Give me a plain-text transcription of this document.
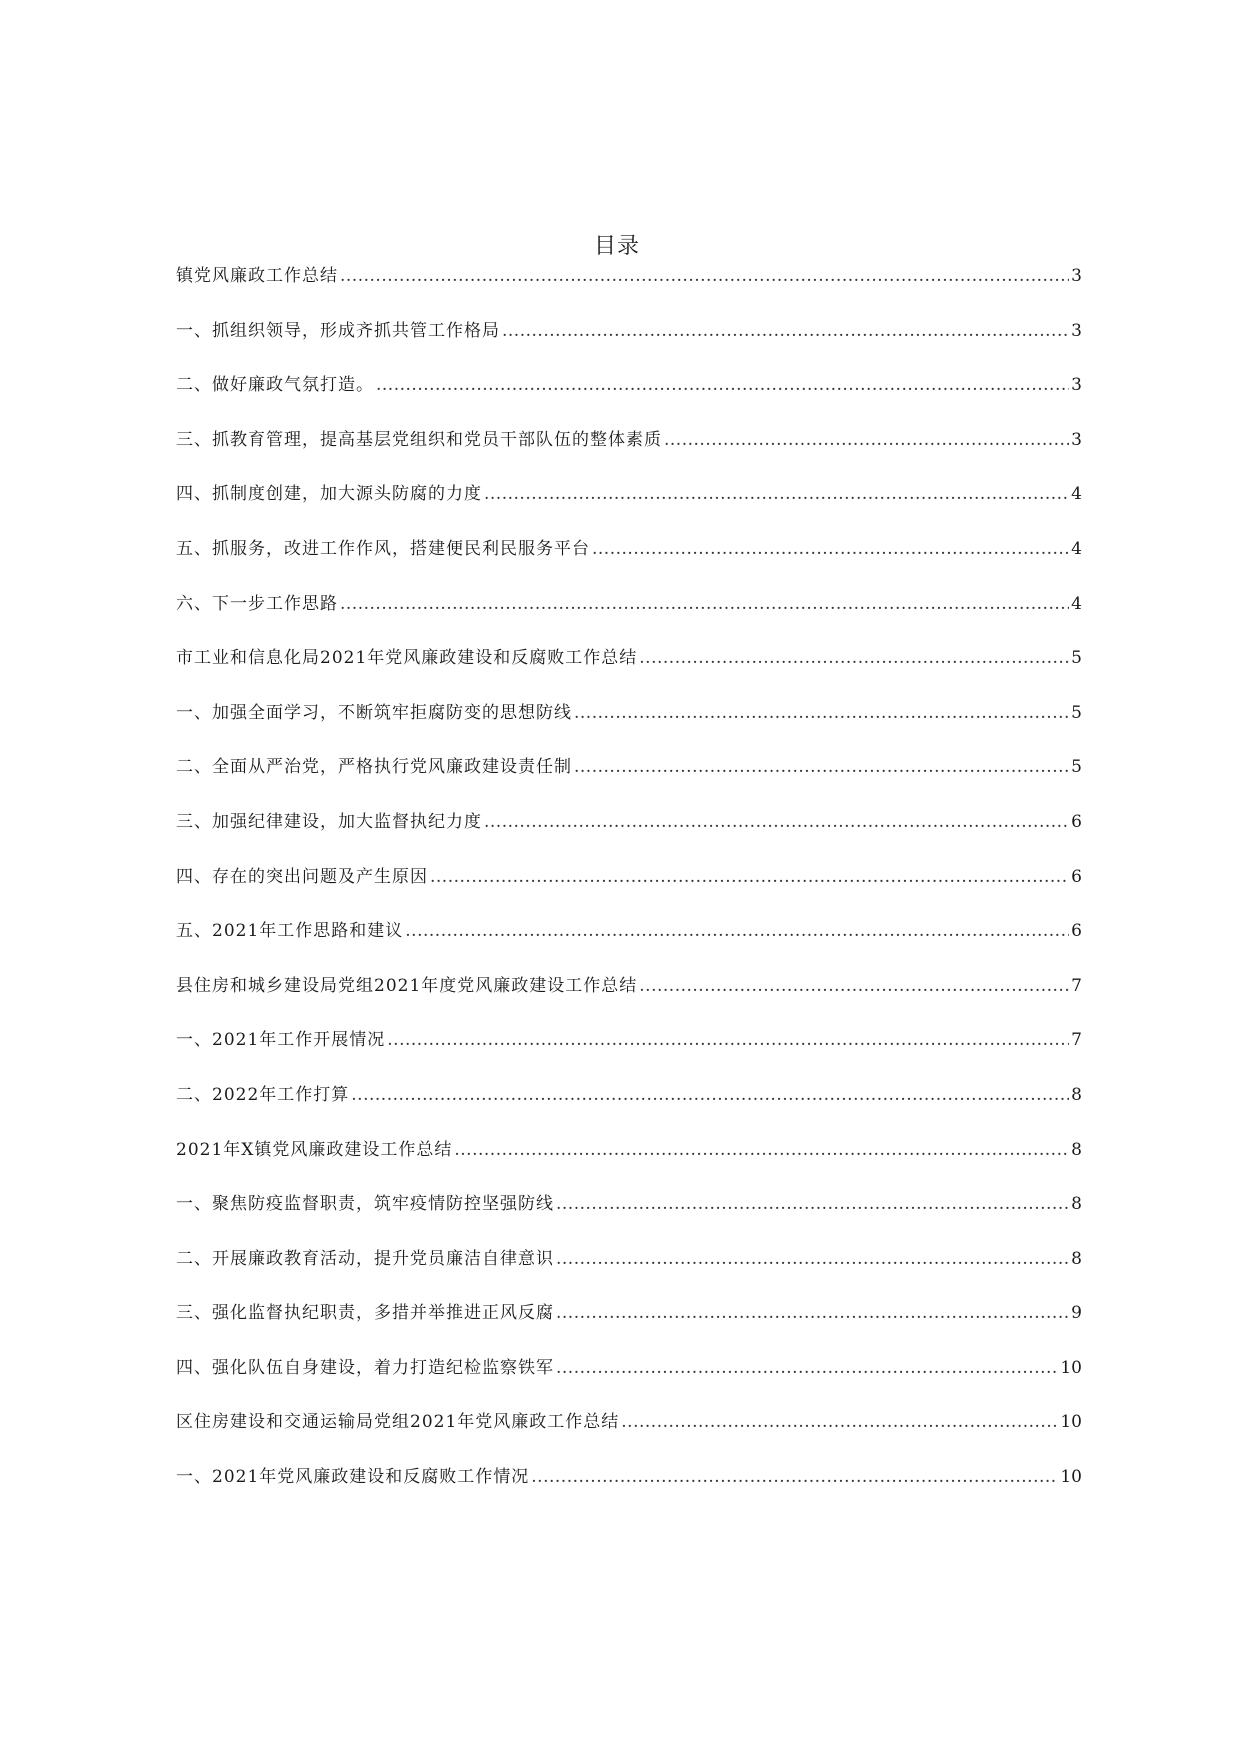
目录
镇党风廉政工作总结 .....	3
一、抓组织领导，形成齐抓共管工作格局 .....	3
二、做好廉政气氛打造。 .....	3
三、抓教育管理，提高基层党组织和党员干部队伍的整体素质 .....	3
四、抓制度创建，加大源头防腐的力度 .....	4
五、抓服务，改进工作作风，搭建便民利民服务平台 .....	4
六、下一步工作思路 .....	4
市工业和信息化局2021年党风廉政建设和反腐败工作总结 .....	5
一、加强全面学习，不断筑牢拒腐防变的思想防线 .....	5
二、全面从严治党，严格执行党风廉政建设责任制 .....	5
三、加强纪律建设，加大监督执纪力度 .....	6
四、存在的突出问题及产生原因 .....	6
五、2021年工作思路和建议 .....	6
县住房和城乡建设局党组2021年度党风廉政建设工作总结 .....	7
一、2021年工作开展情况 .....	7
二、2022年工作打算 .....	8
2021年X镇党风廉政建设工作总结 .....	8
一、聚焦防疫监督职责，筑牢疫情防控坚强防线 .....	8
二、开展廉政教育活动，提升党员廉洁自律意识 .....	8
三、强化监督执纪职责，多措并举推进正风反腐 .....	9
四、强化队伍自身建设，着力打造纪检监察铁军 .....	10
区住房建设和交通运输局党组2021年党风廉政工作总结 .....	10
一、2021年党风廉政建设和反腐败工作情况 .....	10
